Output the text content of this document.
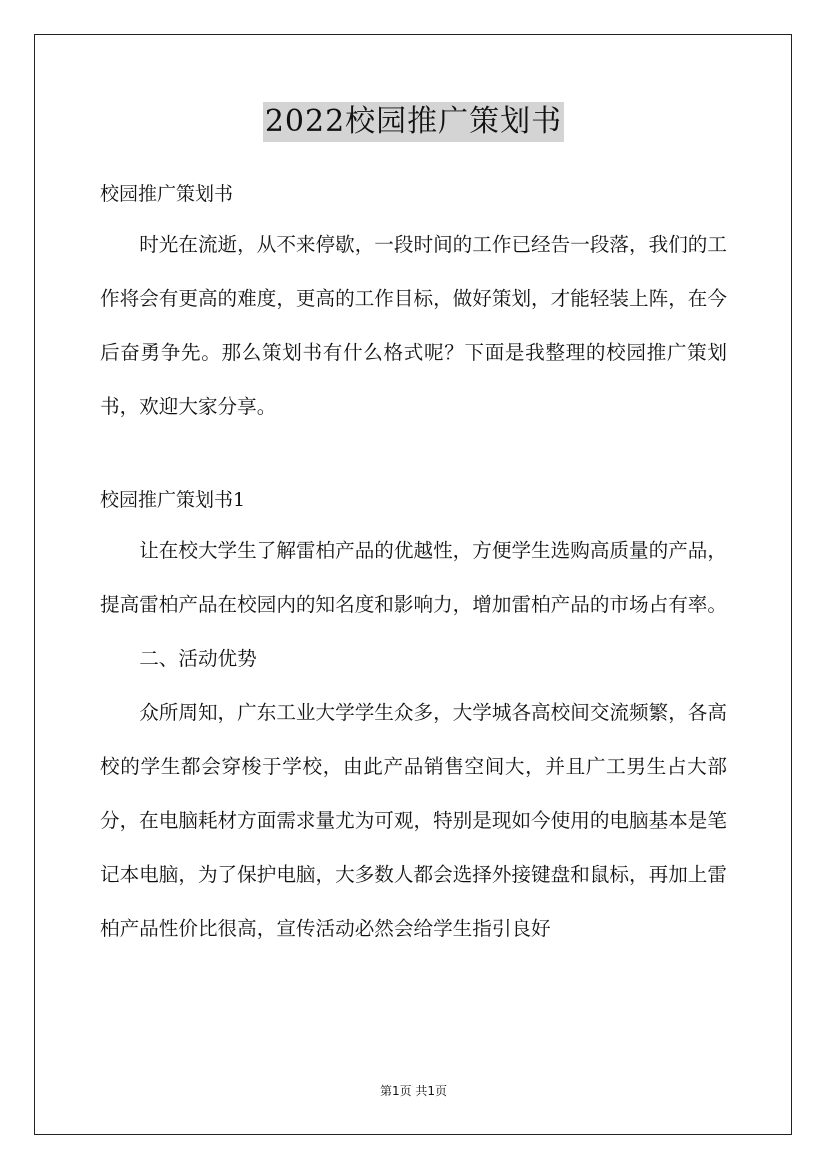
2022校园推广策划书
校园推广策划书

时光在流逝，从不来停歇，一段时间的工作已经告一段落，我们的工作将会有更高的难度，更高的工作目标，做好策划，才能轻装上阵，在今后奋勇争先。那么策划书有什么格式呢？下面是我整理的校园推广策划书，欢迎大家分享。

校园推广策划书1

让在校大学生了解雷柏产品的优越性，方便学生选购高质量的产品，提高雷柏产品在校园内的知名度和影响力，增加雷柏产品的市场占有率。

二、活动优势

众所周知，广东工业大学学生众多，大学城各高校间交流频繁，各高校的学生都会穿梭于学校，由此产品销售空间大，并且广工男生占大部分，在电脑耗材方面需求量尤为可观，特别是现如今使用的电脑基本是笔记本电脑，为了保护电脑，大多数人都会选择外接键盘和鼠标，再加上雷柏产品性价比很高，宣传活动必然会给学生指引良好

第1页 共1页
